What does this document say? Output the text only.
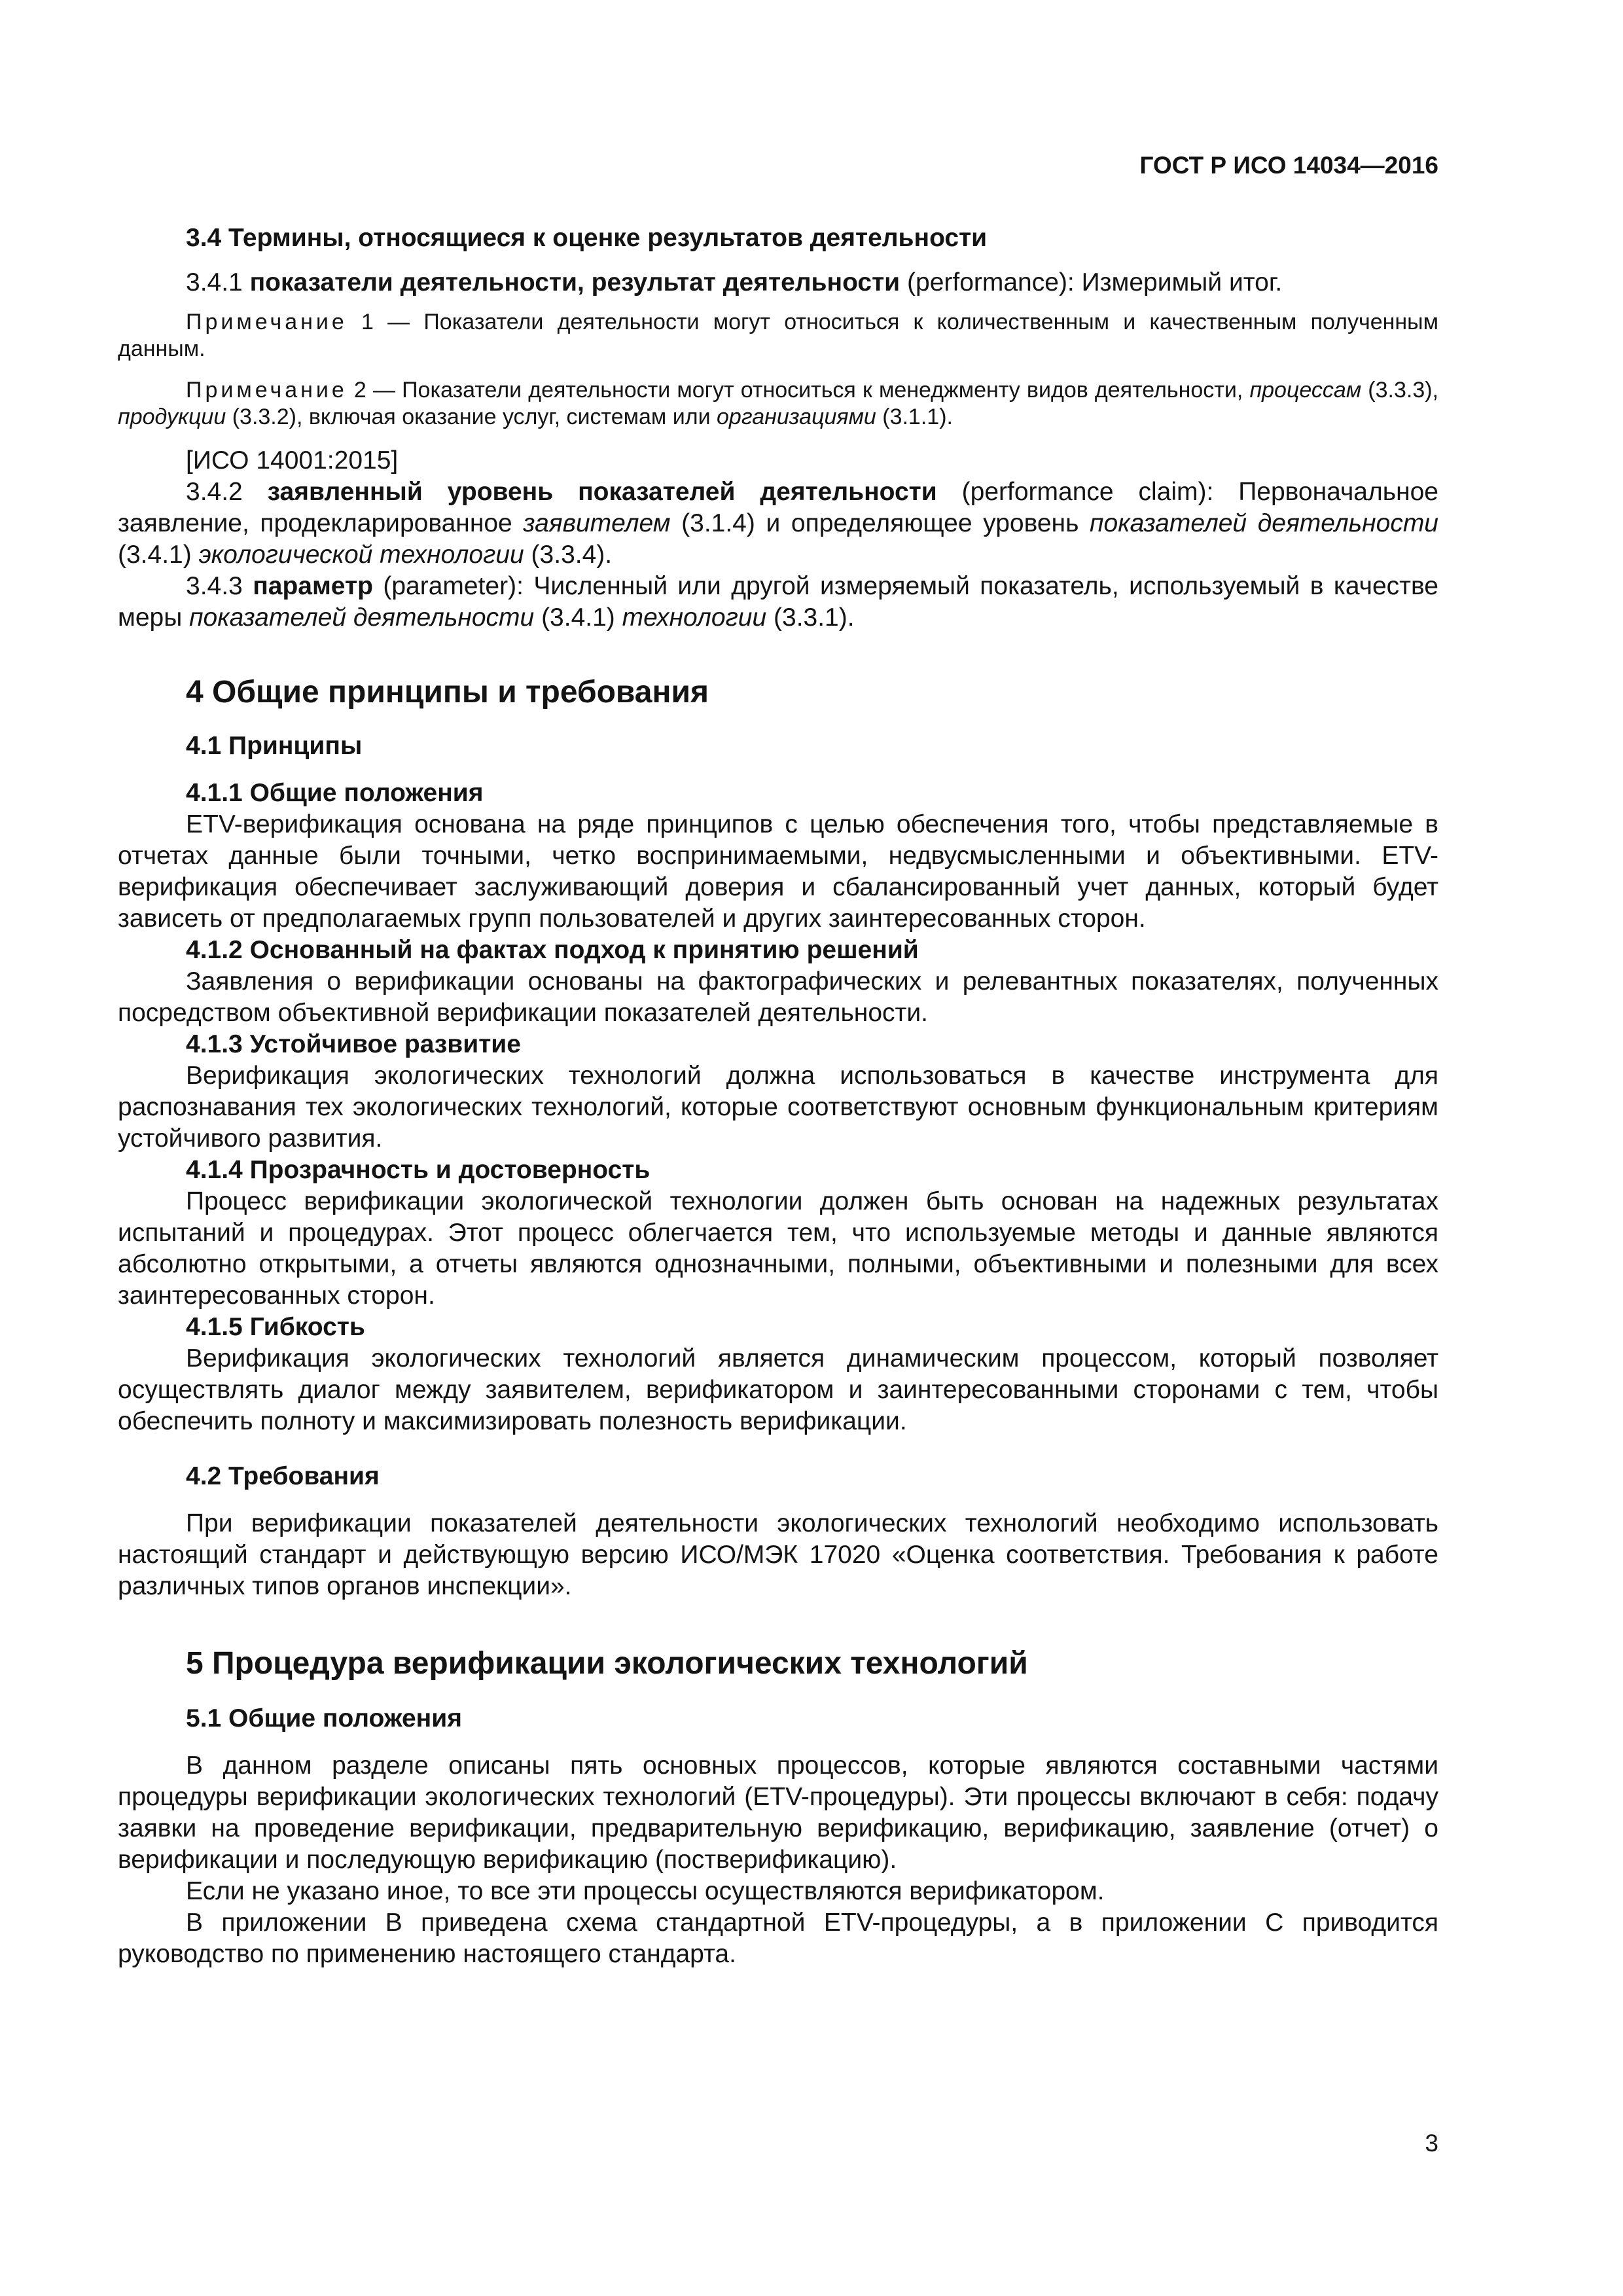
ГОСТ Р ИСО 14034—2016

3.4 Термины, относящиеся к оценке результатов деятельности

3.4.1 показатели деятельности, результат деятельности (performance): Измеримый итог.

Примечание 1 — Показатели деятельности могут относиться к количественным и качественным полученным данным.

Примечание 2 — Показатели деятельности могут относиться к менеджменту видов деятельности, процессам (3.3.3), продукции (3.3.2), включая оказание услуг, системам или организациями (3.1.1).

[ИСО 14001:2015]

3.4.2 заявленный уровень показателей деятельности (performance claim): Первоначальное заявление, продекларированное заявителем (3.1.4) и определяющее уровень показателей деятельности (3.4.1) экологической технологии (3.3.4).

3.4.3 параметр (parameter): Численный или другой измеряемый показатель, используемый в качестве меры показателей деятельности (3.4.1) технологии (3.3.1).

4 Общие принципы и требования

4.1 Принципы

4.1.1 Общие положения

ETV-верификация основана на ряде принципов с целью обеспечения того, чтобы представляемые в отчетах данные были точными, четко воспринимаемыми, недвусмысленными и объективными. ETV-верификация обеспечивает заслуживающий доверия и сбалансированный учет данных, который будет зависеть от предполагаемых групп пользователей и других заинтересованных сторон.

4.1.2 Основанный на фактах подход к принятию решений

Заявления о верификации основаны на фактографических и релевантных показателях, полученных посредством объективной верификации показателей деятельности.

4.1.3 Устойчивое развитие

Верификация экологических технологий должна использоваться в качестве инструмента для распознавания тех экологических технологий, которые соответствуют основным функциональным критериям устойчивого развития.

4.1.4 Прозрачность и достоверность

Процесс верификации экологической технологии должен быть основан на надежных результатах испытаний и процедурах. Этот процесс облегчается тем, что используемые методы и данные являются абсолютно открытыми, а отчеты являются однозначными, полными, объективными и полезными для всех заинтересованных сторон.

4.1.5 Гибкость

Верификация экологических технологий является динамическим процессом, который позволяет осуществлять диалог между заявителем, верификатором и заинтересованными сторонами с тем, чтобы обеспечить полноту и максимизировать полезность верификации.

4.2 Требования

При верификации показателей деятельности экологических технологий необходимо использовать настоящий стандарт и действующую версию ИСО/МЭК 17020 «Оценка соответствия. Требования к работе различных типов органов инспекции».

5 Процедура верификации экологических технологий

5.1 Общие положения

В данном разделе описаны пять основных процессов, которые являются составными частями процедуры верификации экологических технологий (ETV-процедуры). Эти процессы включают в себя: подачу заявки на проведение верификации, предварительную верификацию, верификацию, заявление (отчет) о верификации и последующую верификацию (постверификацию).

Если не указано иное, то все эти процессы осуществляются верификатором.

В приложении В приведена схема стандартной ETV-процедуры, а в приложении С приводится руководство по применению настоящего стандарта.

3
